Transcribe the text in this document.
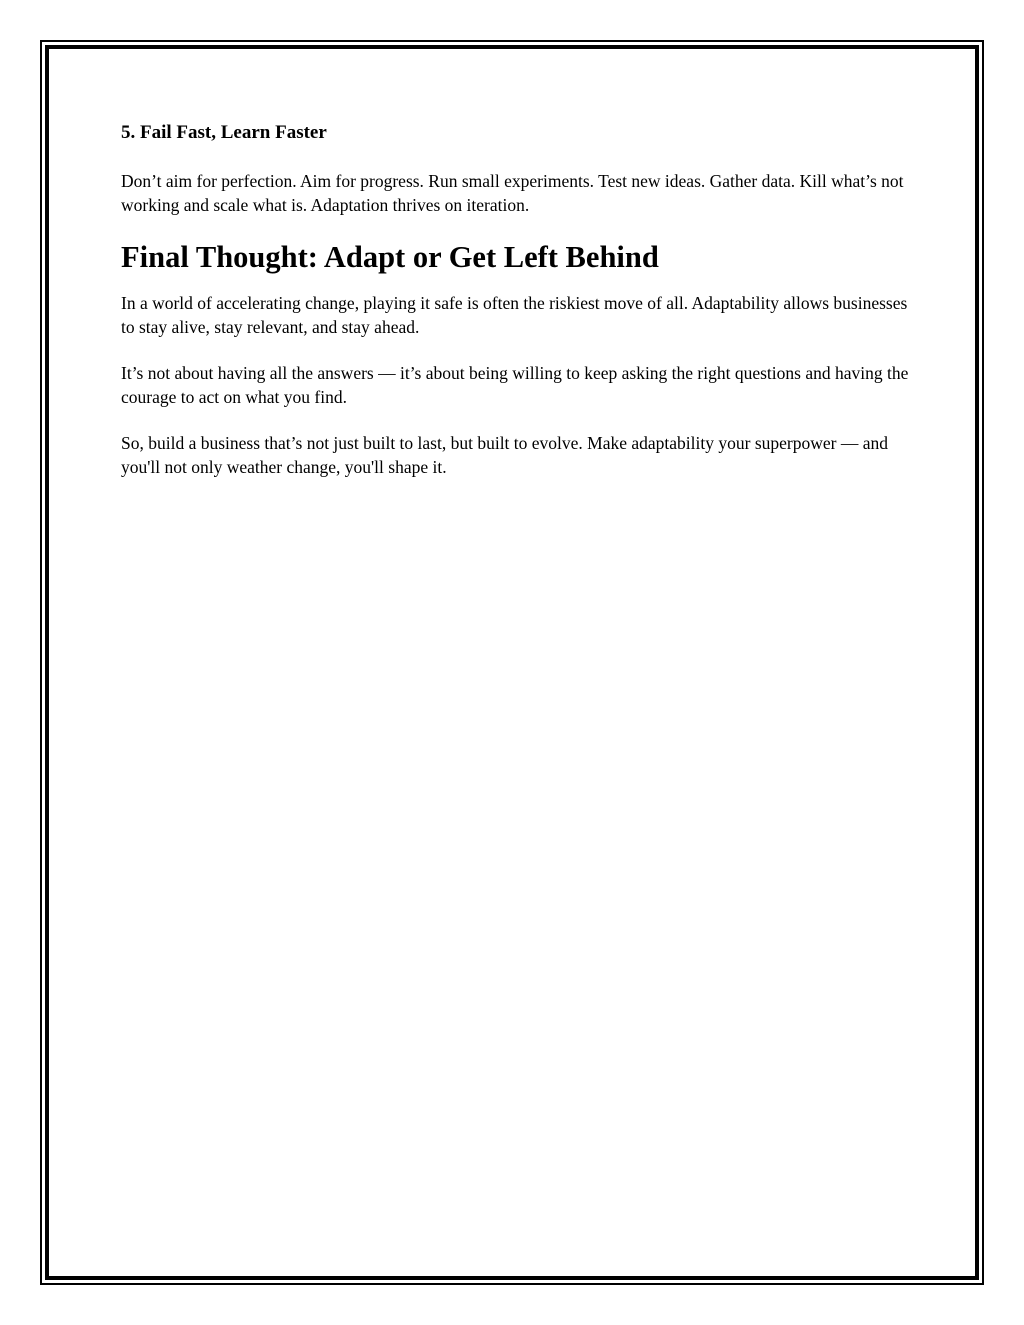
5. Fail Fast, Learn Faster

Don’t aim for perfection. Aim for progress. Run small experiments. Test new ideas. Gather data. Kill what’s not working and scale what is. Adaptation thrives on iteration.

Final Thought: Adapt or Get Left Behind

In a world of accelerating change, playing it safe is often the riskiest move of all. Adaptability allows businesses to stay alive, stay relevant, and stay ahead.

It’s not about having all the answers — it’s about being willing to keep asking the right questions and having the courage to act on what you find.

So, build a business that’s not just built to last, but built to evolve. Make adaptability your superpower — and you'll not only weather change, you'll shape it.
